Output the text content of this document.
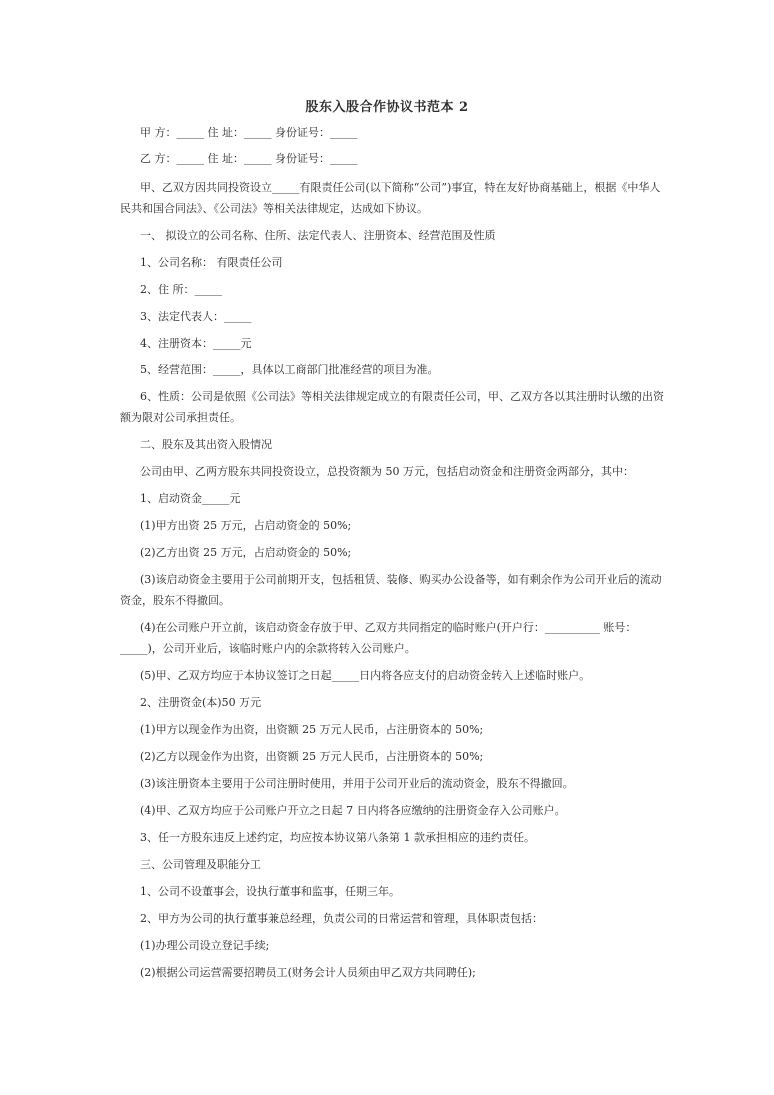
股东入股合作协议书范本 2
甲 方：_____ 住 址：_____ 身份证号：_____
乙 方：_____ 住 址：_____ 身份证号：_____
甲、乙双方因共同投资设立_____有限责任公司(以下简称“公司”)事宜，特在友好协商基础上，根据《中华人民共和国合同法》、《公司法》等相关法律规定，达成如下协议。
一、 拟设立的公司名称、住所、法定代表人、注册资本、经营范围及性质
1、公司名称： 有限责任公司
2、住 所：_____
3、法定代表人：_____
4、注册资本：_____元
5、经营范围：_____，具体以工商部门批准经营的项目为准。
6、性质：公司是依照《公司法》等相关法律规定成立的有限责任公司，甲、乙双方各以其注册时认缴的出资额为限对公司承担责任。
二、股东及其出资入股情况
公司由甲、乙两方股东共同投资设立，总投资额为 50 万元，包括启动资金和注册资金两部分，其中：
1、启动资金_____元
(1)甲方出资 25 万元，占启动资金的 50%;
(2)乙方出资 25 万元，占启动资金的 50%;
(3)该启动资金主要用于公司前期开支，包括租赁、装修、购买办公设备等，如有剩余作为公司开业后的流动资金，股东不得撤回。
(4)在公司账户开立前，该启动资金存放于甲、乙双方共同指定的临时账户(开户行：__________ 账号：_____)，公司开业后，该临时账户内的余款将转入公司账户。
(5)甲、乙双方均应于本协议签订之日起_____日内将各应支付的启动资金转入上述临时账户。
2、注册资金(本)50 万元
(1)甲方以现金作为出资，出资额 25 万元人民币，占注册资本的 50%;
(2)乙方以现金作为出资，出资额 25 万元人民币，占注册资本的 50%;
(3)该注册资本主要用于公司注册时使用，并用于公司开业后的流动资金，股东不得撤回。
(4)甲、乙双方均应于公司账户开立之日起 7 日内将各应缴纳的注册资金存入公司账户。
3、任一方股东违反上述约定，均应按本协议第八条第 1 款承担相应的违约责任。
三、公司管理及职能分工
1、公司不设董事会，设执行董事和监事，任期三年。
2、甲方为公司的执行董事兼总经理，负责公司的日常运营和管理，具体职责包括：
(1)办理公司设立登记手续;
(2)根据公司运营需要招聘员工(财务会计人员须由甲乙双方共同聘任);
